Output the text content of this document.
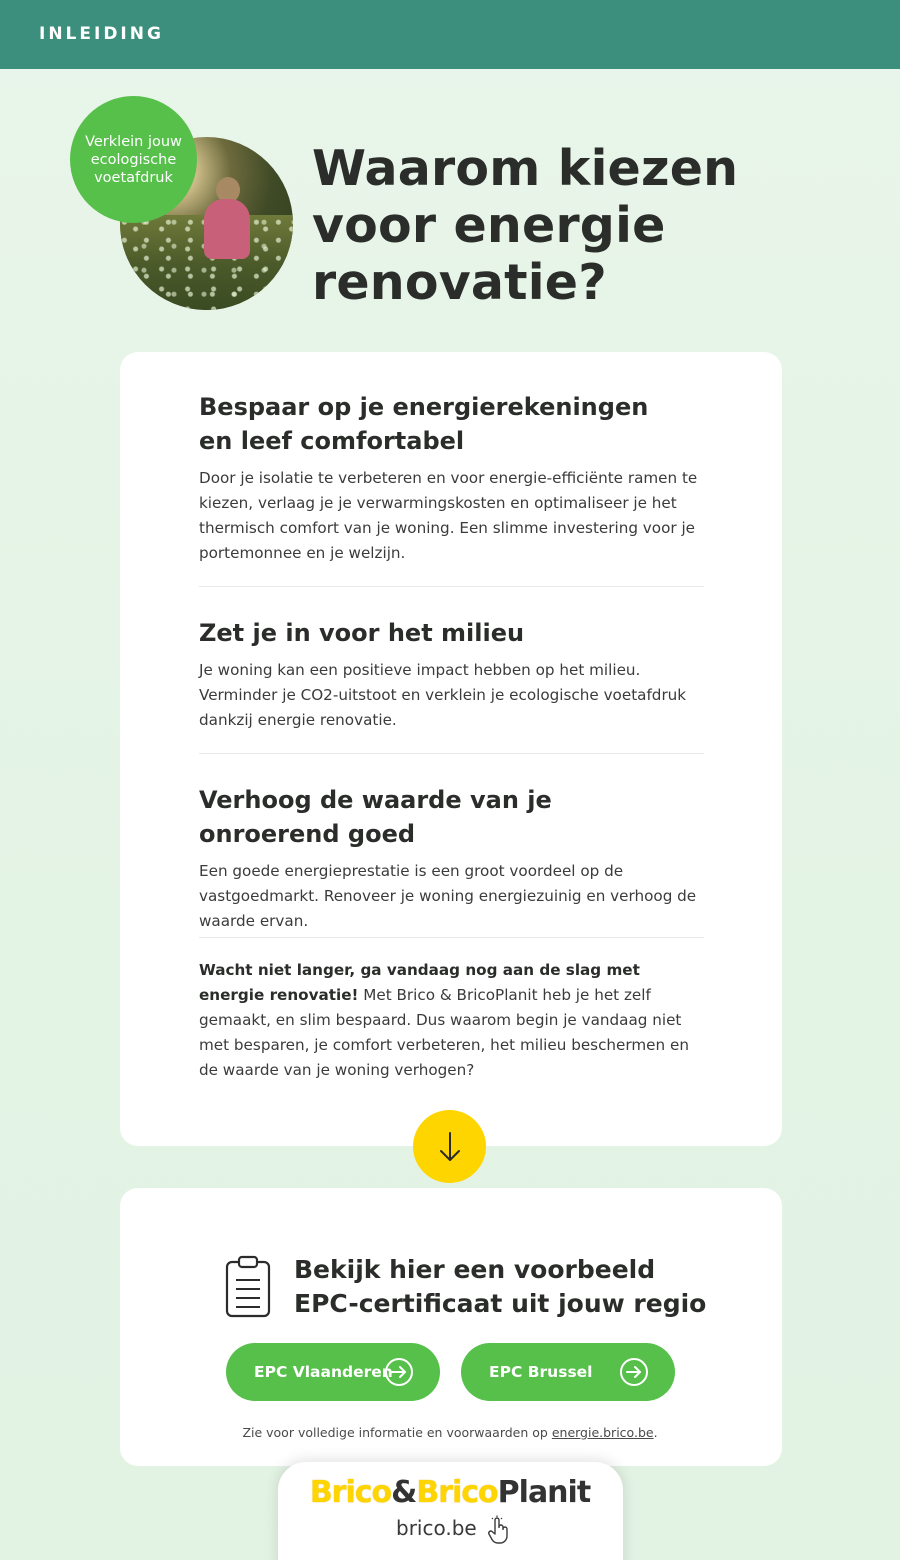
INLEIDING
Verklein jouw
ecologische
voetafdruk	Waarom kiezen
voor energie
renovatie?
Bespaar op je energierekeningen
en leef comfortabel

Door je isolatie te verbeteren en voor energie-efficiënte ramen te kiezen, verlaag je je verwarmingskosten en optimaliseer je het thermisch comfort van je woning. Een slimme investering voor je portemonnee en je welzijn.

Zet je in voor het milieu

Je woning kan een positieve impact hebben op het milieu. Verminder je CO2-uitstoot en verklein je ecologische voetafdruk dankzij energie renovatie.

Verhoog de waarde van je
onroerend goed

Een goede energieprestatie is een groot voordeel op de vastgoedmarkt. Renoveer je woning energiezuinig en verhoog de waarde ervan.

Wacht niet langer, ga vandaag nog aan de slag met energie renovatie! Met Brico & BricoPlanit heb je het zelf gemaakt, en slim bespaard. Dus waarom begin je vandaag niet met besparen, je comfort verbeteren, het milieu beschermen en de waarde van je woning verhogen?
Bekijk hier een voorbeeld
EPC-certificaat uit jouw regio
EPC Vlaanderen	EPC Brussel
Zie voor volledige informatie en voorwaarden op energie.brico.be.
Brico&BricoPlanit
brico.be
